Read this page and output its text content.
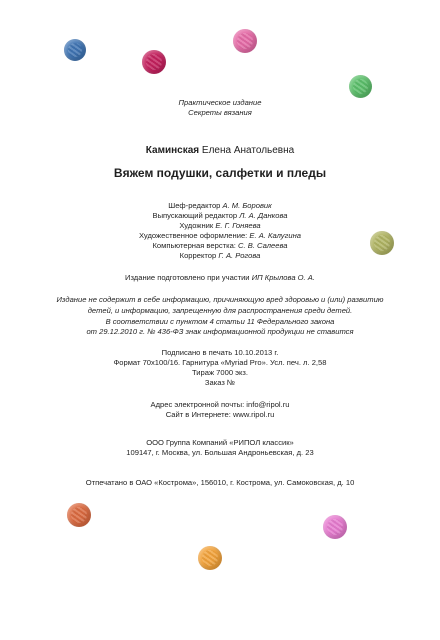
Практическое издание
Секреты вязания
Каминская Елена Анатольевна
Вяжем подушки, салфетки и пледы
Шеф-редактор А. М. Боровик
Выпускающий редактор Л. А. Данкова
Художник Е. Г. Гоняева
Художественное оформление: Е. А. Калугина
Компьютерная верстка: С. В. Салеева
Корректор Г. А. Рогова
Издание подготовлено при участии ИП Крылова О. А.
Издание не содержит в себе информацию, причиняющую вред здоровью и (или) развитию
детей, и информацию, запрещенную для распространения среди детей.
В соответствии с пунктом 4 статьи 11 Федерального закона
от 29.12.2010 г. № 436-ФЗ знак информационной продукции не ставится
Подписано в печать 10.10.2013 г.
Формат 70x100/16. Гарнитура «Myriad Pro». Усл. печ. л. 2,58
Тираж 7000 экз.
Заказ №
Адрес электронной почты: info@ripol.ru
Сайт в Интернете: www.ripol.ru
ООО Группа Компаний «РИПОЛ классик»
109147, г. Москва, ул. Большая Андроньевская, д. 23
Отпечатано в ОАО «Кострома», 156010, г. Кострома, ул. Самоковская, д. 10
